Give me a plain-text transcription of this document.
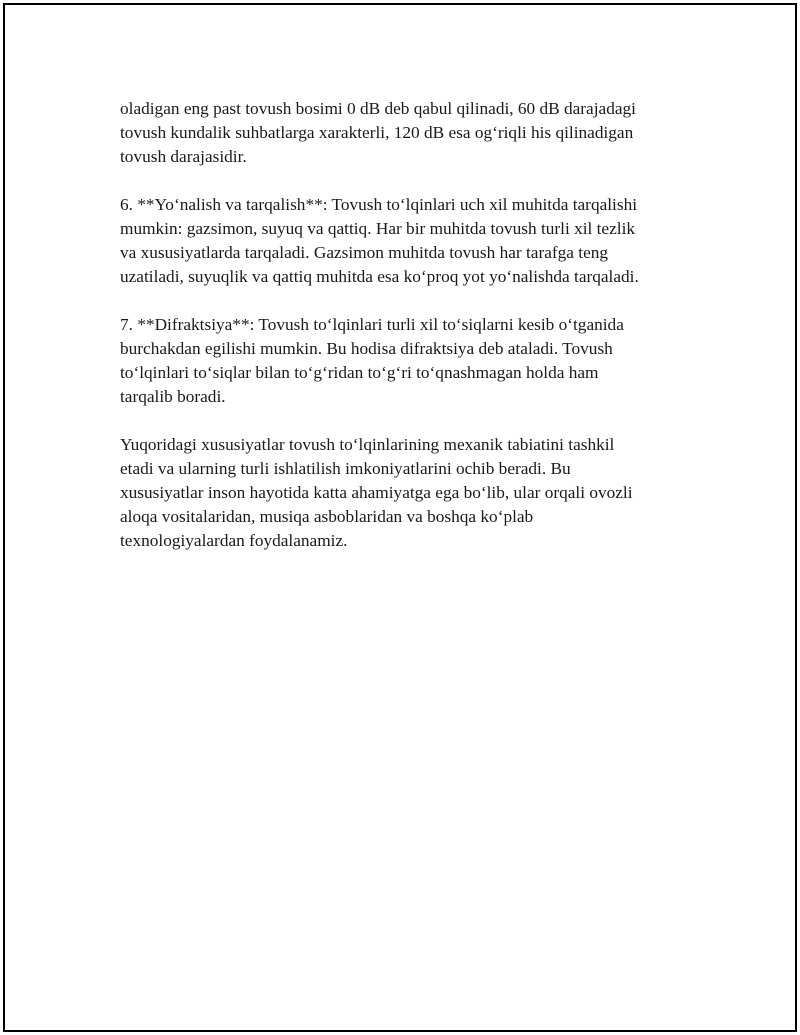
oladigan eng past tovush bosimi 0 dB deb qabul qilinadi, 60 dB darajadagi
tovush kundalik suhbatlarga xarakterli, 120 dB esa og‘riqli his qilinadigan
tovush darajasidir.

6. **Yo‘nalish va tarqalish**: Tovush to‘lqinlari uch xil muhitda tarqalishi
mumkin: gazsimon, suyuq va qattiq. Har bir muhitda tovush turli xil tezlik
va xususiyatlarda tarqaladi. Gazsimon muhitda tovush har tarafga teng
uzatiladi, suyuqlik va qattiq muhitda esa ko‘proq yot yo‘nalishda tarqaladi.

7. **Difraktsiya**: Tovush to‘lqinlari turli xil to‘siqlarni kesib o‘tganida
burchakdan egilishi mumkin. Bu hodisa difraktsiya deb ataladi. Tovush
to‘lqinlari to‘siqlar bilan to‘g‘ridan to‘g‘ri to‘qnashmagan holda ham
tarqalib boradi.

Yuqoridagi xususiyatlar tovush to‘lqinlarining mexanik tabiatini tashkil
etadi va ularning turli ishlatilish imkoniyatlarini ochib beradi. Bu
xususiyatlar inson hayotida katta ahamiyatga ega bo‘lib, ular orqali ovozli
aloqa vositalaridan, musiqa asboblaridan va boshqa ko‘plab
texnologiyalardan foydalanamiz.
